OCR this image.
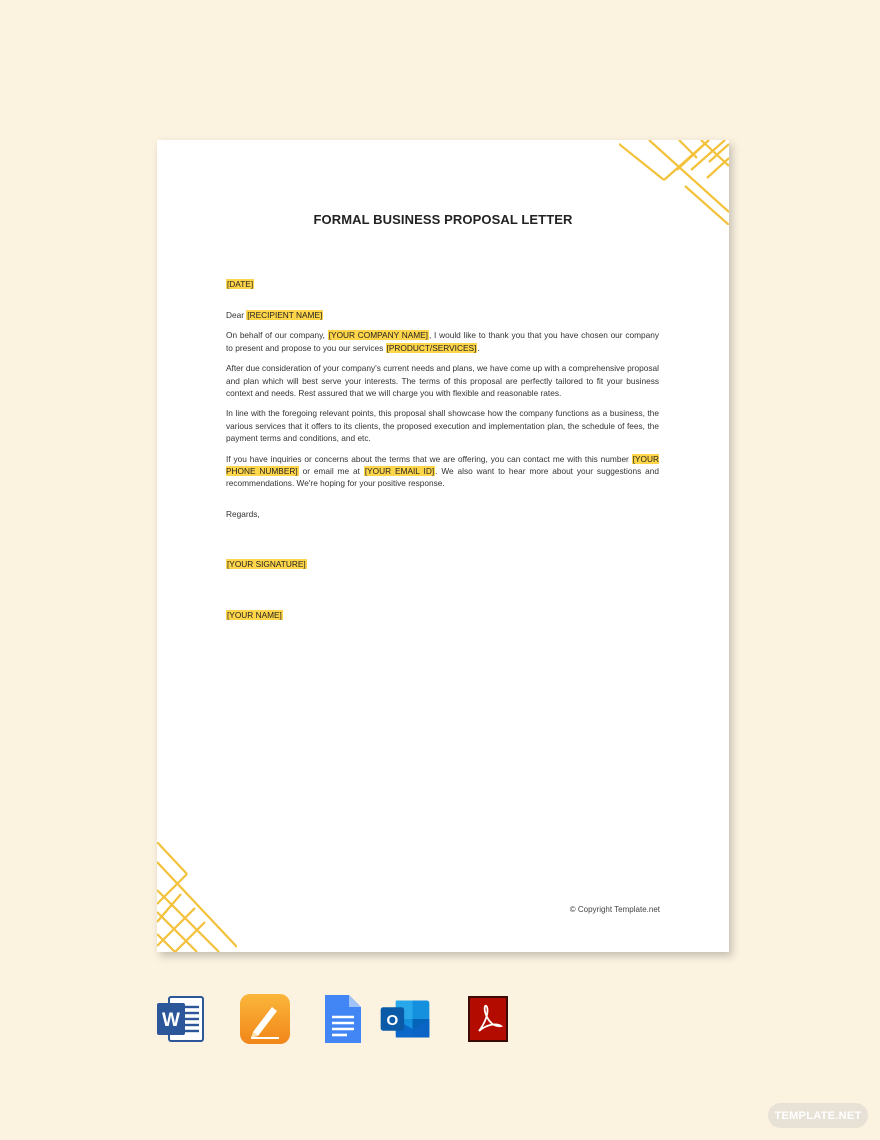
FORMAL BUSINESS PROPOSAL LETTER

[DATE]

Dear [RECIPIENT NAME]

On behalf of our company, [YOUR COMPANY NAME], I would like to thank you that you have chosen our company to present and propose to you our services [PRODUCT/SERVICES].

After due consideration of your company's current needs and plans, we have come up with a comprehensive proposal and plan which will best serve your interests. The terms of this proposal are perfectly tailored to fit your business context and needs. Rest assured that we will charge you with flexible and reasonable rates.

In line with the foregoing relevant points, this proposal shall showcase how the company functions as a business, the various services that it offers to its clients, the proposed execution and implementation plan, the schedule of fees, the payment terms and conditions, and etc.

If you have inquiries or concerns about the terms that we are offering, you can contact me with this number [YOUR PHONE NUMBER] or email me at [YOUR EMAIL ID]. We also want to hear more about your suggestions and recommendations. We're hoping for your positive response.

Regards,

[YOUR SIGNATURE]

[YOUR NAME]

© Copyright Template.net
W	O
TEMPLATE.NET
